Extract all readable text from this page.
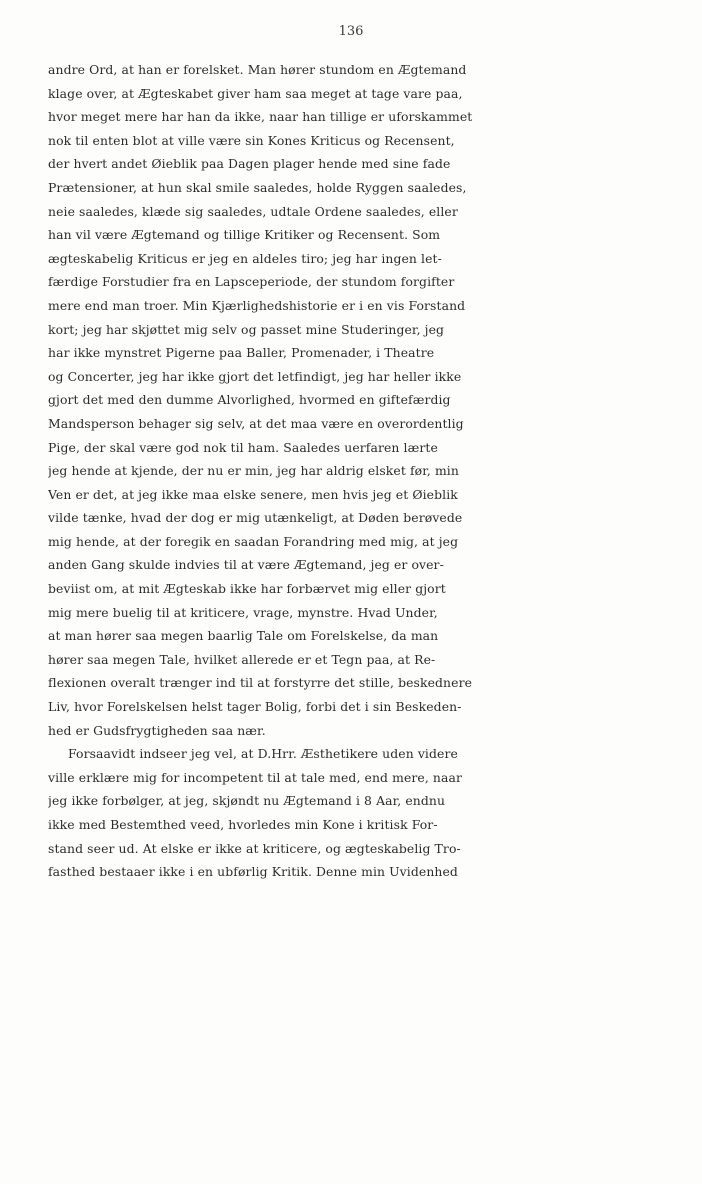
136
andre Ord, at han er forelsket. Man hører stundom en Ægtemand
klage over, at Ægteskabet giver ham saa meget at tage vare paa,
hvor meget mere har han da ikke, naar han tillige er uforskammet
nok til enten blot at ville være sin Kones Kriticus og Recensent,
der hvert andet Øieblik paa Dagen plager hende med sine fade
Prætensioner, at hun skal smile saaledes, holde Ryggen saaledes,
neie saaledes, klæde sig saaledes, udtale Ordene saaledes, eller
han vil være Ægtemand og tillige Kritiker og Recensent. Som
ægteskabelig Kriticus er jeg en aldeles tiro; jeg har ingen let-
færdige Forstudier fra en Lapsceperiode, der stundom forgifter
mere end man troer. Min Kjærlighedshistorie er i en vis Forstand
kort; jeg har skjøttet mig selv og passet mine Studeringer, jeg
har ikke mynstret Pigerne paa Baller, Promenader, i Theatre
og Concerter, jeg har ikke gjort det letfindigt, jeg har heller ikke
gjort det med den dumme Alvorlighed, hvormed en giftefærdig
Mandsperson behager sig selv, at det maa være en overordentlig
Pige, der skal være god nok til ham. Saaledes uerfaren lærte
jeg hende at kjende, der nu er min, jeg har aldrig elsket før, min
Ven er det, at jeg ikke maa elske senere, men hvis jeg et Øieblik
vilde tænke, hvad der dog er mig utænkeligt, at Døden berøvede
mig hende, at der foregik en saadan Forandring med mig, at jeg
anden Gang skulde indvies til at være Ægtemand, jeg er over-
beviist om, at mit Ægteskab ikke har forbærvet mig eller gjort
mig mere buelig til at kriticere, vrage, mynstre. Hvad Under,
at man hører saa megen baarlig Tale om Forelskelse, da man
hører saa megen Tale, hvilket allerede er et Tegn paa, at Re-
flexionen overalt trænger ind til at forstyrre det stille, beskednere
Liv, hvor Forelskelsen helst tager Bolig, forbi det i sin Beskeden-
hed er Gudsfrygtigheden saa nær.
Forsaavidt indseer jeg vel, at D.Hrr. Æsthetikere uden videre
ville erklære mig for incompetent til at tale med, end mere, naar
jeg ikke forbølger, at jeg, skjøndt nu Ægtemand i 8 Aar, endnu
ikke med Bestemthed veed, hvorledes min Kone i kritisk For-
stand seer ud. At elske er ikke at kriticere, og ægteskabelig Tro-
fasthed bestaaer ikke i en ubførlig Kritik. Denne min Uvidenhed
